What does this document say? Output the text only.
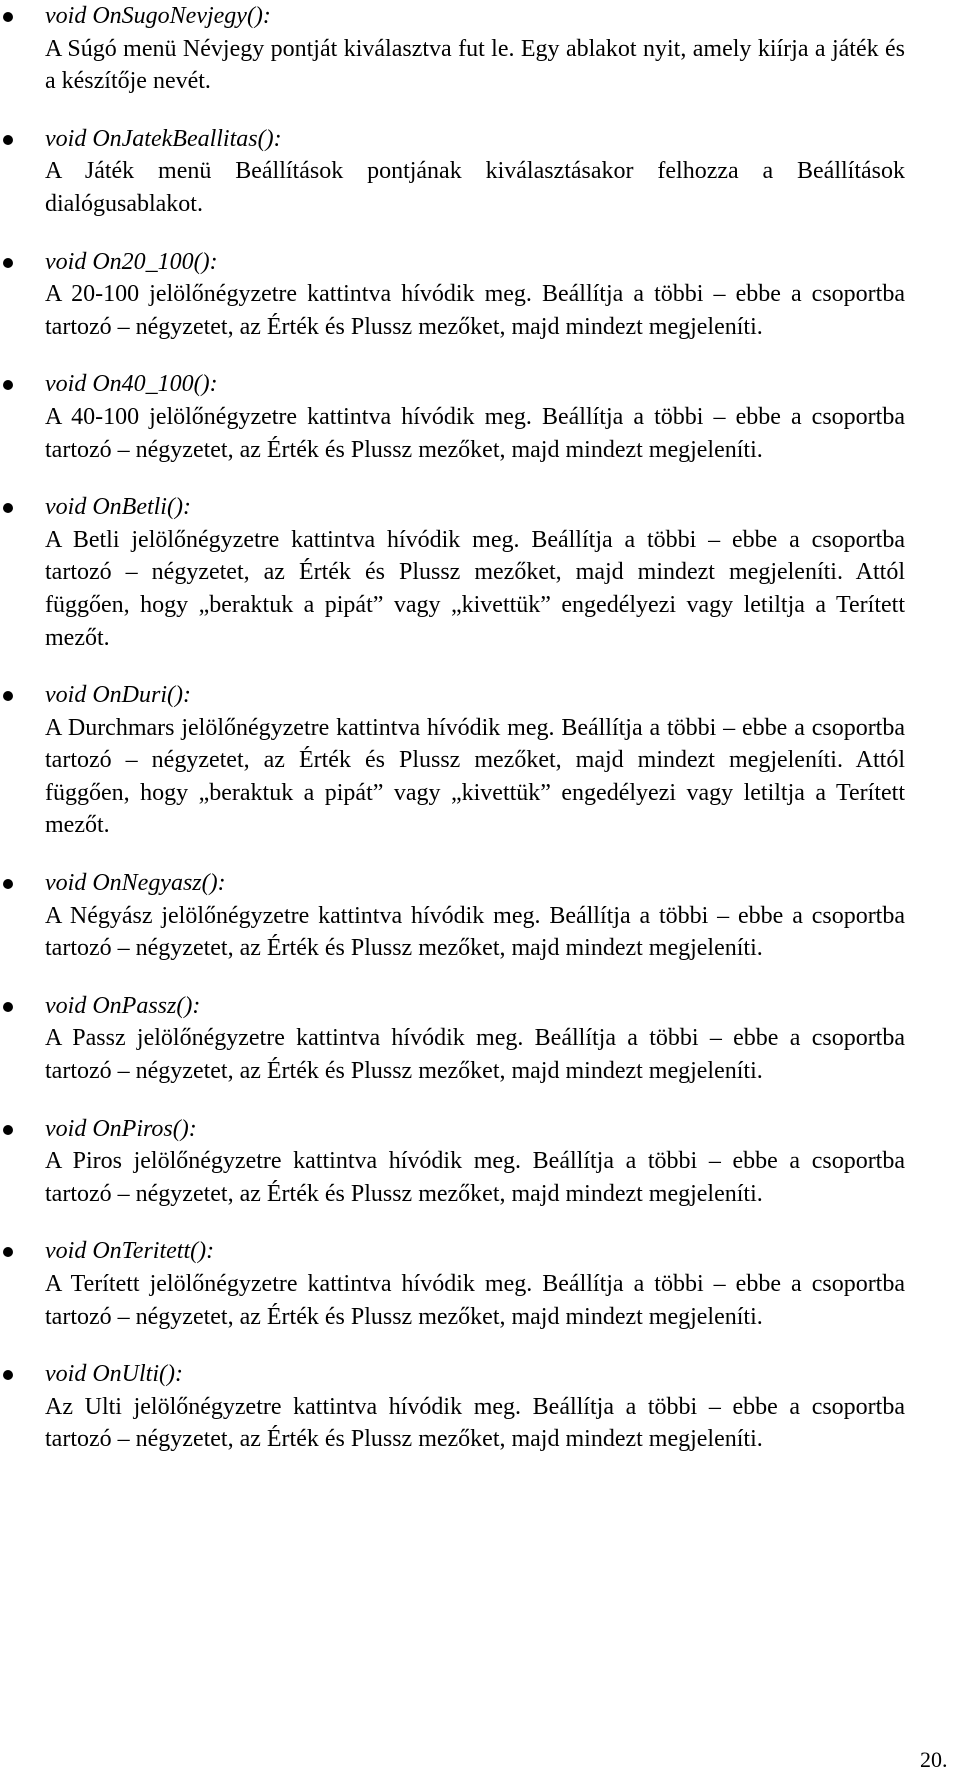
void OnSugoNevjegy():
A Súgó menü Névjegy pontját kiválasztva fut le. Egy ablakot nyit, amely kiírja a játék és a készítője nevét.
void OnJatekBeallitas():
A Játék menü Beállítások pontjának kiválasztásakor felhozza a Beállítások dialógusablakot.
void On20_100():
A 20-100 jelölőnégyzetre kattintva hívódik meg. Beállítja a többi – ebbe a csoportba tartozó – négyzetet, az Érték és Plussz mezőket, majd mindezt megjeleníti.
void On40_100():
A 40-100 jelölőnégyzetre kattintva hívódik meg. Beállítja a többi – ebbe a csoportba tartozó – négyzetet, az Érték és Plussz mezőket, majd mindezt megjeleníti.
void OnBetli():
A Betli jelölőnégyzetre kattintva hívódik meg. Beállítja a többi – ebbe a csoportba tartozó – négyzetet, az Érték és Plussz mezőket, majd mindezt megjeleníti. Attól függően, hogy „beraktuk a pipát” vagy „kivettük” engedélyezi vagy letiltja a Terített mezőt.
void OnDuri():
A Durchmars jelölőnégyzetre kattintva hívódik meg. Beállítja a többi – ebbe a csoportba tartozó – négyzetet, az Érték és Plussz mezőket, majd mindezt megjeleníti. Attól függően, hogy „beraktuk a pipát” vagy „kivettük” engedélyezi vagy letiltja a Terített mezőt.
void OnNegyasz():
A Négyász jelölőnégyzetre kattintva hívódik meg. Beállítja a többi – ebbe a csoportba tartozó – négyzetet, az Érték és Plussz mezőket, majd mindezt megjeleníti.
void OnPassz():
A Passz jelölőnégyzetre kattintva hívódik meg. Beállítja a többi – ebbe a csoportba tartozó – négyzetet, az Érték és Plussz mezőket, majd mindezt megjeleníti.
void OnPiros():
A Piros jelölőnégyzetre kattintva hívódik meg. Beállítja a többi – ebbe a csoportba tartozó – négyzetet, az Érték és Plussz mezőket, majd mindezt megjeleníti.
void OnTeritett():
A Terített jelölőnégyzetre kattintva hívódik meg. Beállítja a többi – ebbe a csoportba tartozó – négyzetet, az Érték és Plussz mezőket, majd mindezt megjeleníti.
void OnUlti():
Az Ulti jelölőnégyzetre kattintva hívódik meg. Beállítja a többi – ebbe a csoportba tartozó – négyzetet, az Érték és Plussz mezőket, majd mindezt megjeleníti.
20.
